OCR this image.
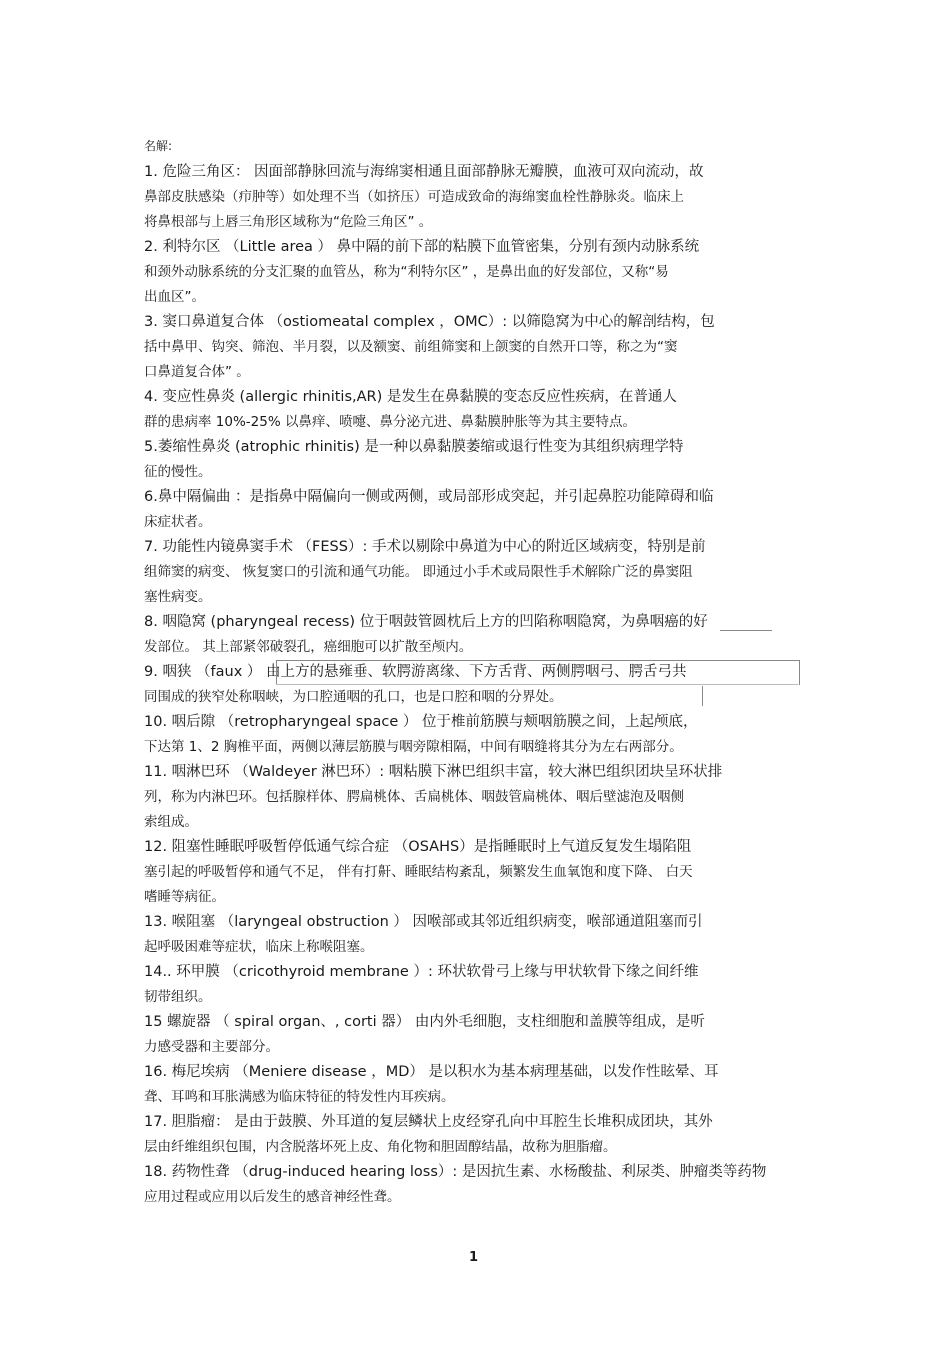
名解:
1. 危险三角区： 因面部静脉回流与海绵窦相通且面部静脉无瓣膜，血液可双向流动，故
鼻部皮肤感染（疖肿等）如处理不当（如挤压）可造成致命的海绵窦血栓性静脉炎。临床上
将鼻根部与上唇三角形区域称为“危险三角区” 。
2. 利特尔区 （Little area ） 鼻中隔的前下部的粘膜下血管密集，分别有颈内动脉系统
和颈外动脉系统的分支汇聚的血管丛，称为“利特尔区” ，是鼻出血的好发部位，又称“易
出血区”。
3. 窦口鼻道复合体 （ostiomeatal complex ，OMC）: 以筛隐窝为中心的解剖结构，包
括中鼻甲、钩突、筛泡、半月裂，以及额窦、前组筛窦和上颌窦的自然开口等，称之为“窦
口鼻道复合体” 。
4. 变应性鼻炎 (allergic rhinitis,AR) 是发生在鼻黏膜的变态反应性疾病，在普通人
群的患病率 10%-25% 以鼻痒、喷嚏、鼻分泌亢进、鼻黏膜肿胀等为其主要特点。
5.萎缩性鼻炎 (atrophic rhinitis) 是一种以鼻黏膜萎缩或退行性变为其组织病理学特
征的慢性。
6.鼻中隔偏曲 ：是指鼻中隔偏向一侧或两侧，或局部形成突起，并引起鼻腔功能障碍和临
床症状者。
7. 功能性内镜鼻窦手术 （FESS）: 手术以剔除中鼻道为中心的附近区域病变，特别是前
组筛窦的病变、 恢复窦口的引流和通气功能。 即通过小手术或局限性手术解除广泛的鼻窦阻
塞性病变。
8. 咽隐窝 (pharyngeal recess) 位于咽鼓管圆枕后上方的凹陷称咽隐窝，为鼻咽癌的好
发部位。 其上部紧邻破裂孔，癌细胞可以扩散至颅内。
9. 咽狭 （faux ） 由上方的悬雍垂、软腭游离缘、下方舌背、两侧腭咽弓、腭舌弓共
同围成的狭窄处称咽峡，为口腔通咽的孔口，也是口腔和咽的分界处。
10. 咽后隙 （retropharyngeal space ） 位于椎前筋膜与颊咽筋膜之间，上起颅底，
下达第 1、2 胸椎平面，两侧以薄层筋膜与咽旁隙相隔，中间有咽缝将其分为左右两部分。
11. 咽淋巴环 （Waldeyer 淋巴环）: 咽粘膜下淋巴组织丰富，较大淋巴组织团块呈环状排
列，称为内淋巴环。包括腺样体、腭扁桃体、舌扁桃体、咽鼓管扁桃体、咽后壁滤泡及咽侧
索组成。
12. 阻塞性睡眠呼吸暂停低通气综合症 （OSAHS）是指睡眠时上气道反复发生塌陷阻
塞引起的呼吸暂停和通气不足， 伴有打鼾、睡眠结构紊乱，频繁发生血氧饱和度下降、 白天
嗜睡等病征。
13. 喉阻塞 （laryngeal obstruction ） 因喉部或其邻近组织病变，喉部通道阻塞而引
起呼吸困难等症状，临床上称喉阻塞。
14.. 环甲膜 （cricothyroid membrane ）: 环状软骨弓上缘与甲状软骨下缘之间纤维
韧带组织。
15 螺旋器 （ spiral organ、, corti 器） 由内外毛细胞，支柱细胞和盖膜等组成，是听
力感受器和主要部分。
16. 梅尼埃病 （Meniere disease ，MD） 是以积水为基本病理基础，以发作性眩晕、耳
聋、耳鸣和耳胀满感为临床特征的特发性内耳疾病。
17. 胆脂瘤： 是由于鼓膜、外耳道的复层鳞状上皮经穿孔向中耳腔生长堆积成团块，其外
层由纤维组织包围，内含脱落坏死上皮、角化物和胆固醇结晶，故称为胆脂瘤。
18. 药物性聋 （drug-induced hearing loss）: 是因抗生素、水杨酸盐、利尿类、肿瘤类等药物
应用过程或应用以后发生的感音神经性聋。
1
